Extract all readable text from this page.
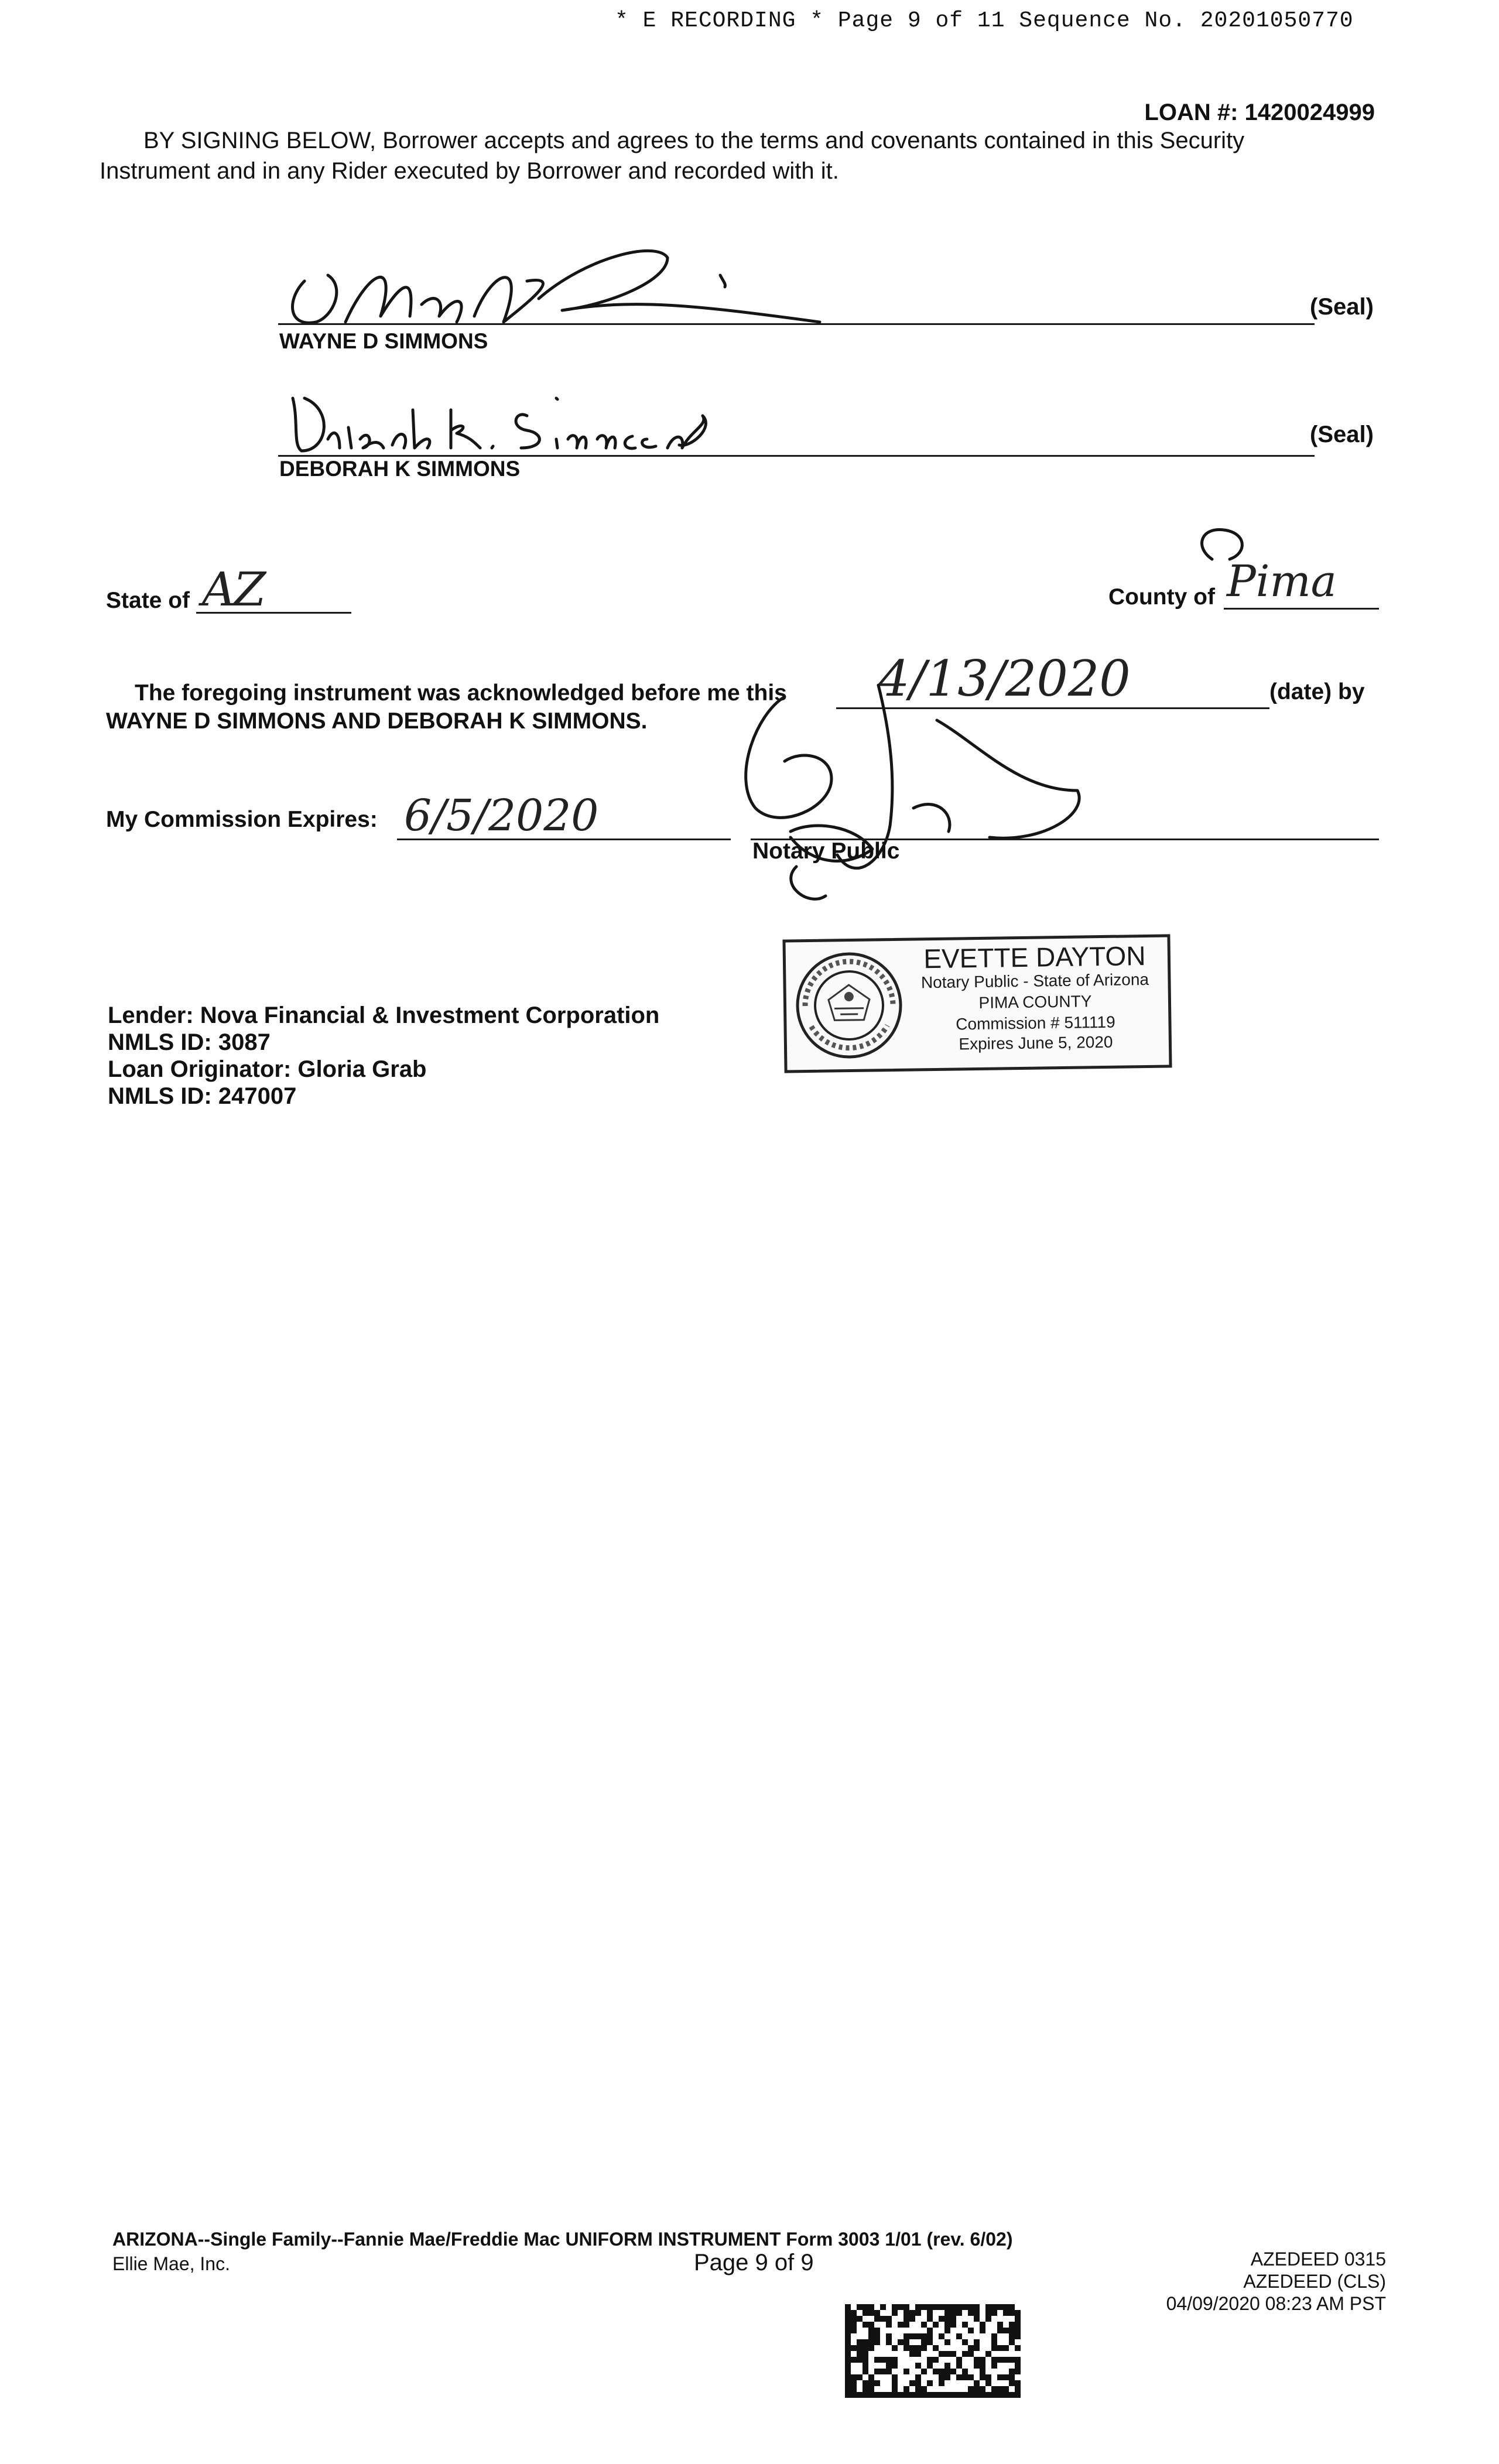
* E RECORDING * Page 9 of 11 Sequence No. 20201050770
LOAN #: 1420024999
BY SIGNING BELOW, Borrower accepts and agrees to the terms and covenants contained in this Security
Instrument and in any Rider executed by Borrower and recorded with it.
WAYNE D SIMMONS
(Seal)
DEBORAH K SIMMONS
(Seal)
State of AZ	County of Pima
The foregoing instrument was acknowledged before me this 4/13/2020	(date) by
WAYNE D SIMMONS AND DEBORAH K SIMMONS.
My Commission Expires: 6/5/2020
Notary Public
EVETTE DAYTON
Notary Public - State of Arizona
PIMA COUNTY
Commission # 511119
Expires June 5, 2020
Lender: Nova Financial & Investment Corporation
NMLS ID: 3087
Loan Originator: Gloria Grab
NMLS ID: 247007
ARIZONA--Single Family--Fannie Mae/Freddie Mac UNIFORM INSTRUMENT Form 3003 1/01 (rev. 6/02)
Ellie Mae, Inc.	Page 9 of 9	AZEDEED 0315
AZEDEED (CLS)
04/09/2020 08:23 AM PST
